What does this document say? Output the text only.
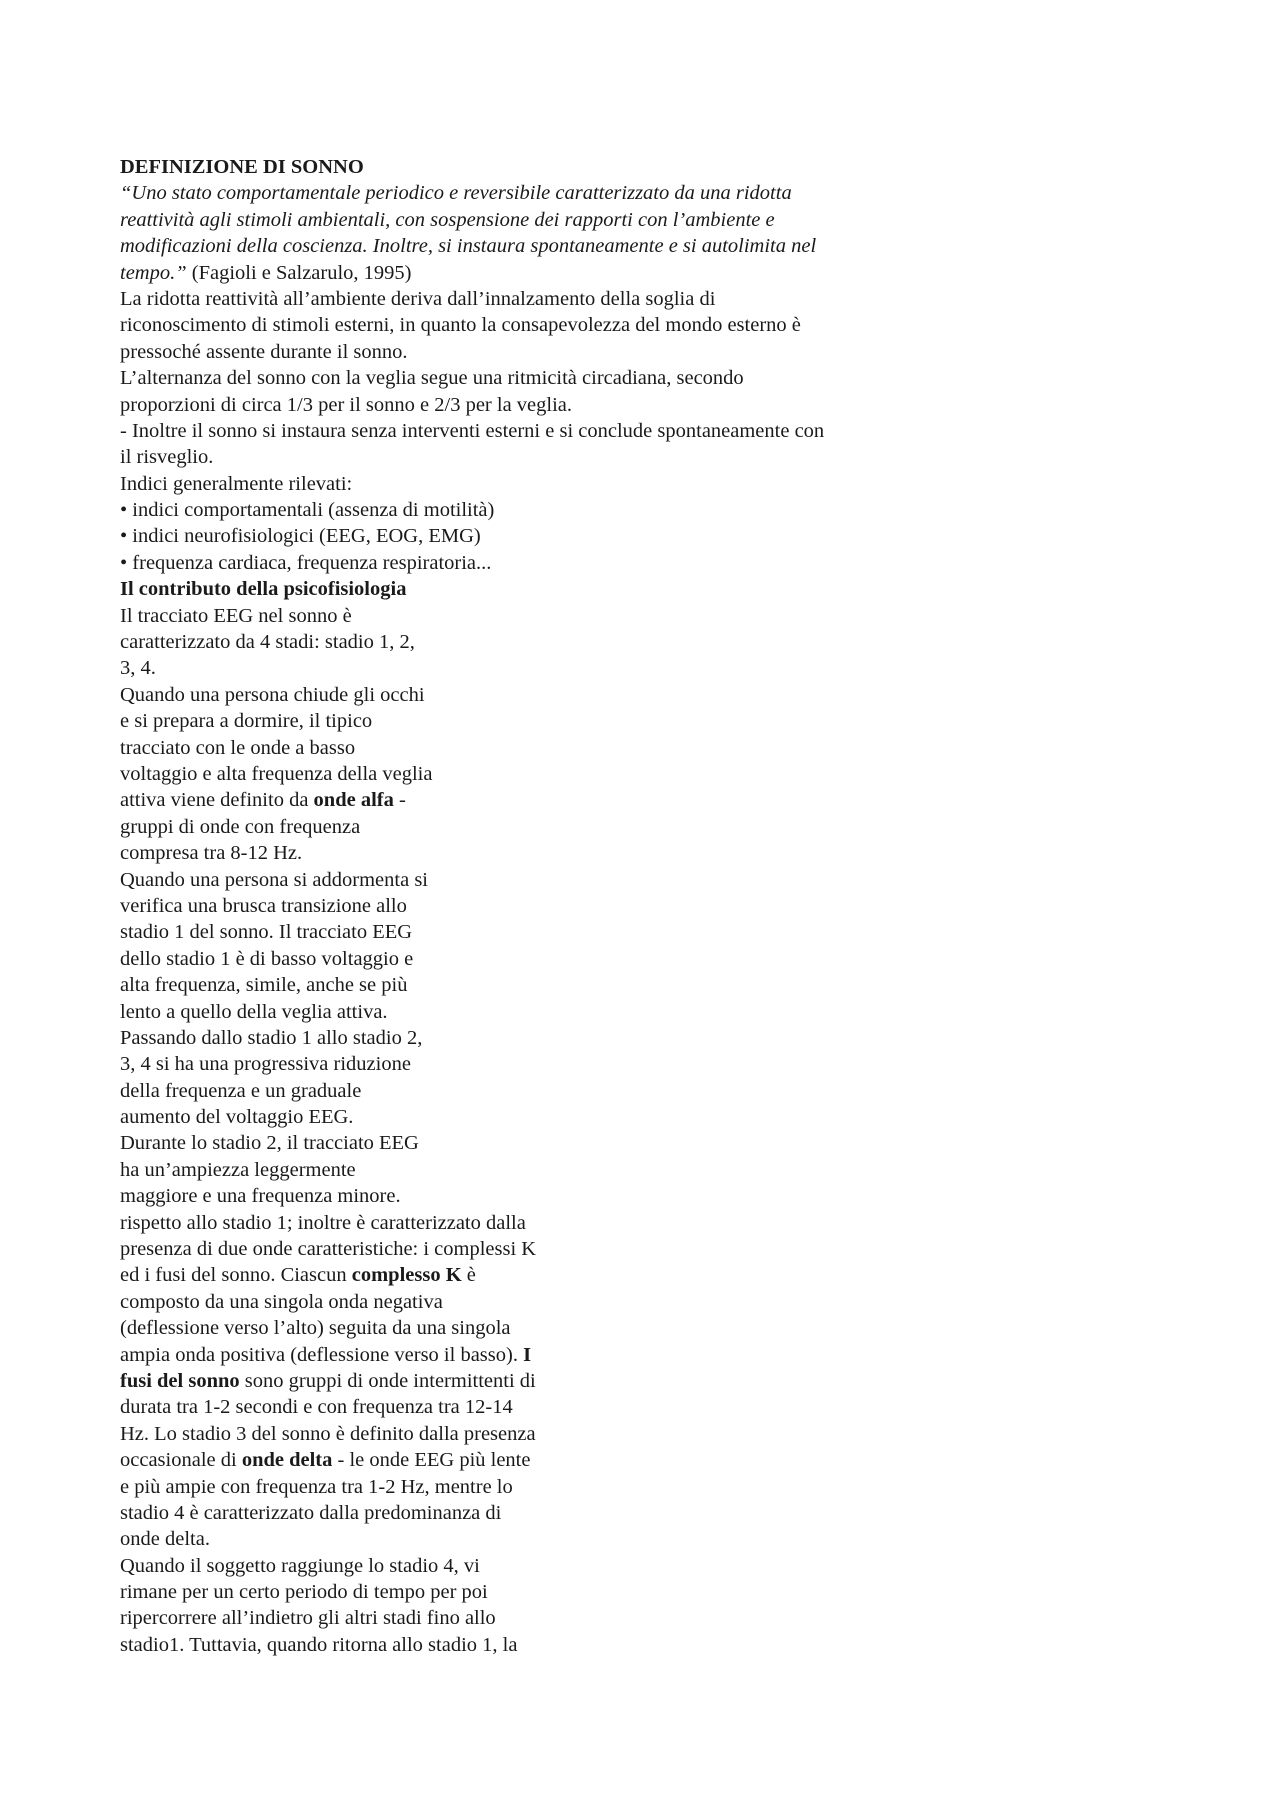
DEFINIZIONE DI SONNO
“Uno stato comportamentale periodico e reversibile caratterizzato da una ridotta
reattività agli stimoli ambientali, con sospensione dei rapporti con l’ambiente e
modificazioni della coscienza. Inoltre, si instaura spontaneamente e si autolimita nel
tempo.” (Fagioli e Salzarulo, 1995)
La ridotta reattività all’ambiente deriva dall’innalzamento della soglia di
riconoscimento di stimoli esterni, in quanto la consapevolezza del mondo esterno è
pressoché assente durante il sonno.
L’alternanza del sonno con la veglia segue una ritmicità circadiana, secondo
proporzioni di circa 1/3 per il sonno e 2/3 per la veglia.
- Inoltre il sonno si instaura senza interventi esterni e si conclude spontaneamente con
il risveglio.
Indici generalmente rilevati:
• indici comportamentali (assenza di motilità)
• indici neurofisiologici (EEG, EOG, EMG)
• frequenza cardiaca, frequenza respiratoria...
Il contributo della psicofisiologia
Il tracciato EEG nel sonno è
caratterizzato da 4 stadi: stadio 1, 2,
3, 4.
Quando una persona chiude gli occhi
e si prepara a dormire, il tipico
tracciato con le onde a basso
voltaggio e alta frequenza della veglia
attiva viene definito da onde alfa -
gruppi di onde con frequenza
compresa tra 8-12 Hz.
Quando una persona si addormenta si
verifica una brusca transizione allo
stadio 1 del sonno. Il tracciato EEG
dello stadio 1 è di basso voltaggio e
alta frequenza, simile, anche se più
lento a quello della veglia attiva.
Passando dallo stadio 1 allo stadio 2,
3, 4 si ha una progressiva riduzione
della frequenza e un graduale
aumento del voltaggio EEG.
Durante lo stadio 2, il tracciato EEG
ha un’ampiezza leggermente
maggiore e una frequenza minore.
rispetto allo stadio 1; inoltre è caratterizzato dalla
presenza di due onde caratteristiche: i complessi K
ed i fusi del sonno. Ciascun complesso K è
composto da una singola onda negativa
(deflessione verso l’alto) seguita da una singola
ampia onda positiva (deflessione verso il basso). I
fusi del sonno sono gruppi di onde intermittenti di
durata tra 1-2 secondi e con frequenza tra 12-14
Hz. Lo stadio 3 del sonno è definito dalla presenza
occasionale di onde delta - le onde EEG più lente
e più ampie con frequenza tra 1-2 Hz, mentre lo
stadio 4 è caratterizzato dalla predominanza di
onde delta.
Quando il soggetto raggiunge lo stadio 4, vi
rimane per un certo periodo di tempo per poi
ripercorrere all’indietro gli altri stadi fino allo
stadio1. Tuttavia, quando ritorna allo stadio 1, la
